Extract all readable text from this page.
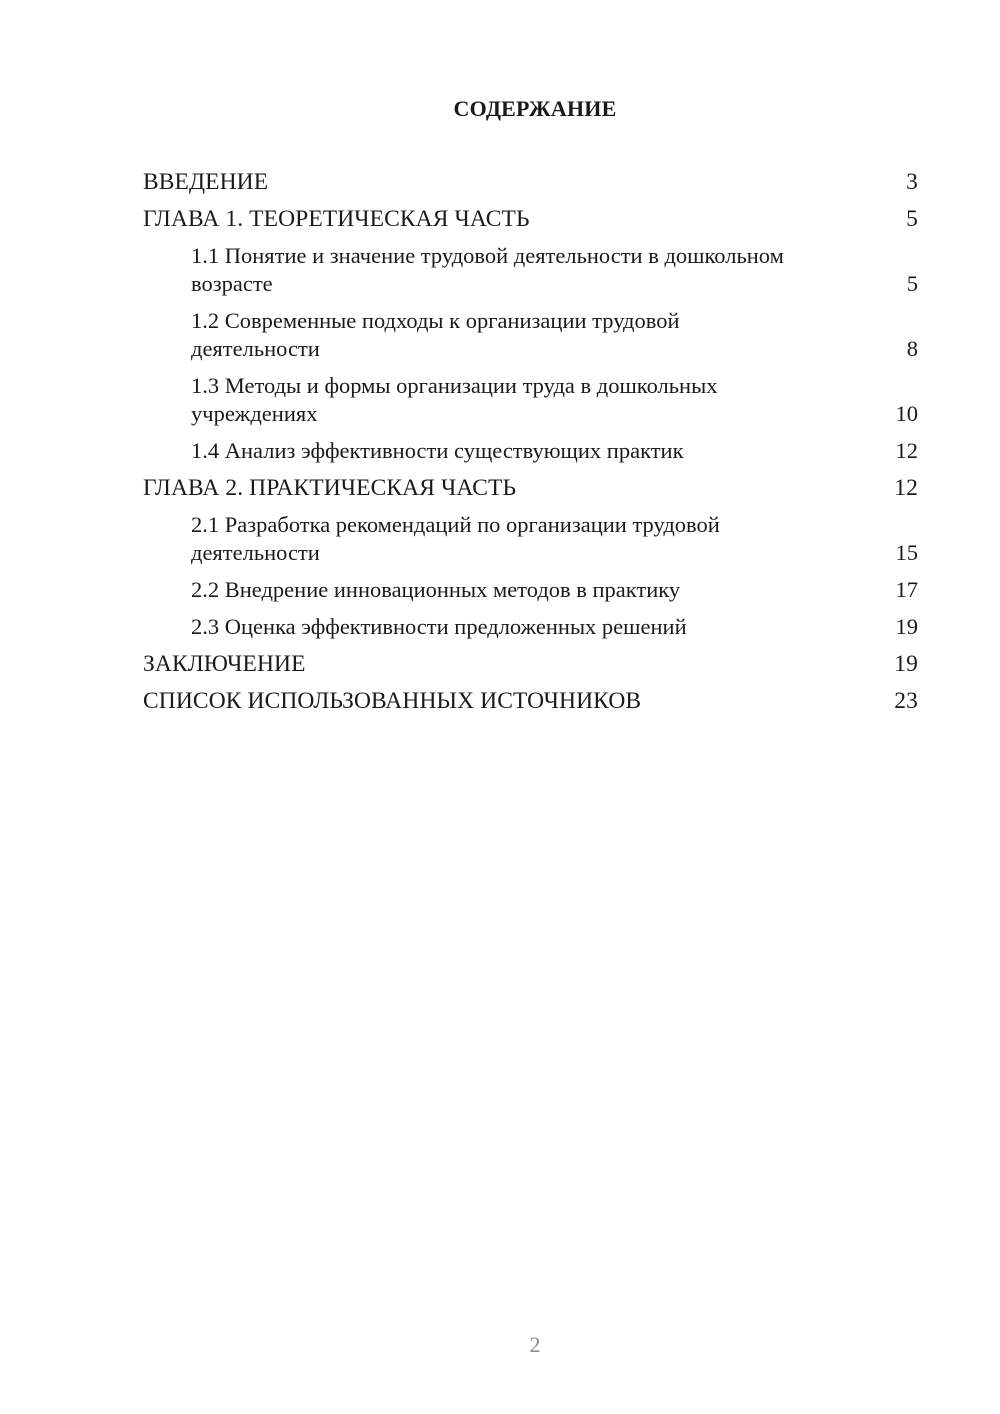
СОДЕРЖАНИЕ
ВВЕДЕНИЕ	3
ГЛАВА 1. ТЕОРЕТИЧЕСКАЯ ЧАСТЬ	5
1.1 Понятие и значение трудовой деятельности в дошкольном возрасте	5
1.2 Современные подходы к организации трудовой деятельности	8
1.3 Методы и формы организации труда в дошкольных учреждениях	10
1.4 Анализ эффективности существующих практик	12
ГЛАВА 2. ПРАКТИЧЕСКАЯ ЧАСТЬ	12
2.1 Разработка рекомендаций по организации трудовой деятельности	15
2.2 Внедрение инновационных методов в практику	17
2.3 Оценка эффективности предложенных решений	19
ЗАКЛЮЧЕНИЕ	19
СПИСОК ИСПОЛЬЗОВАННЫХ ИСТОЧНИКОВ	23
2
